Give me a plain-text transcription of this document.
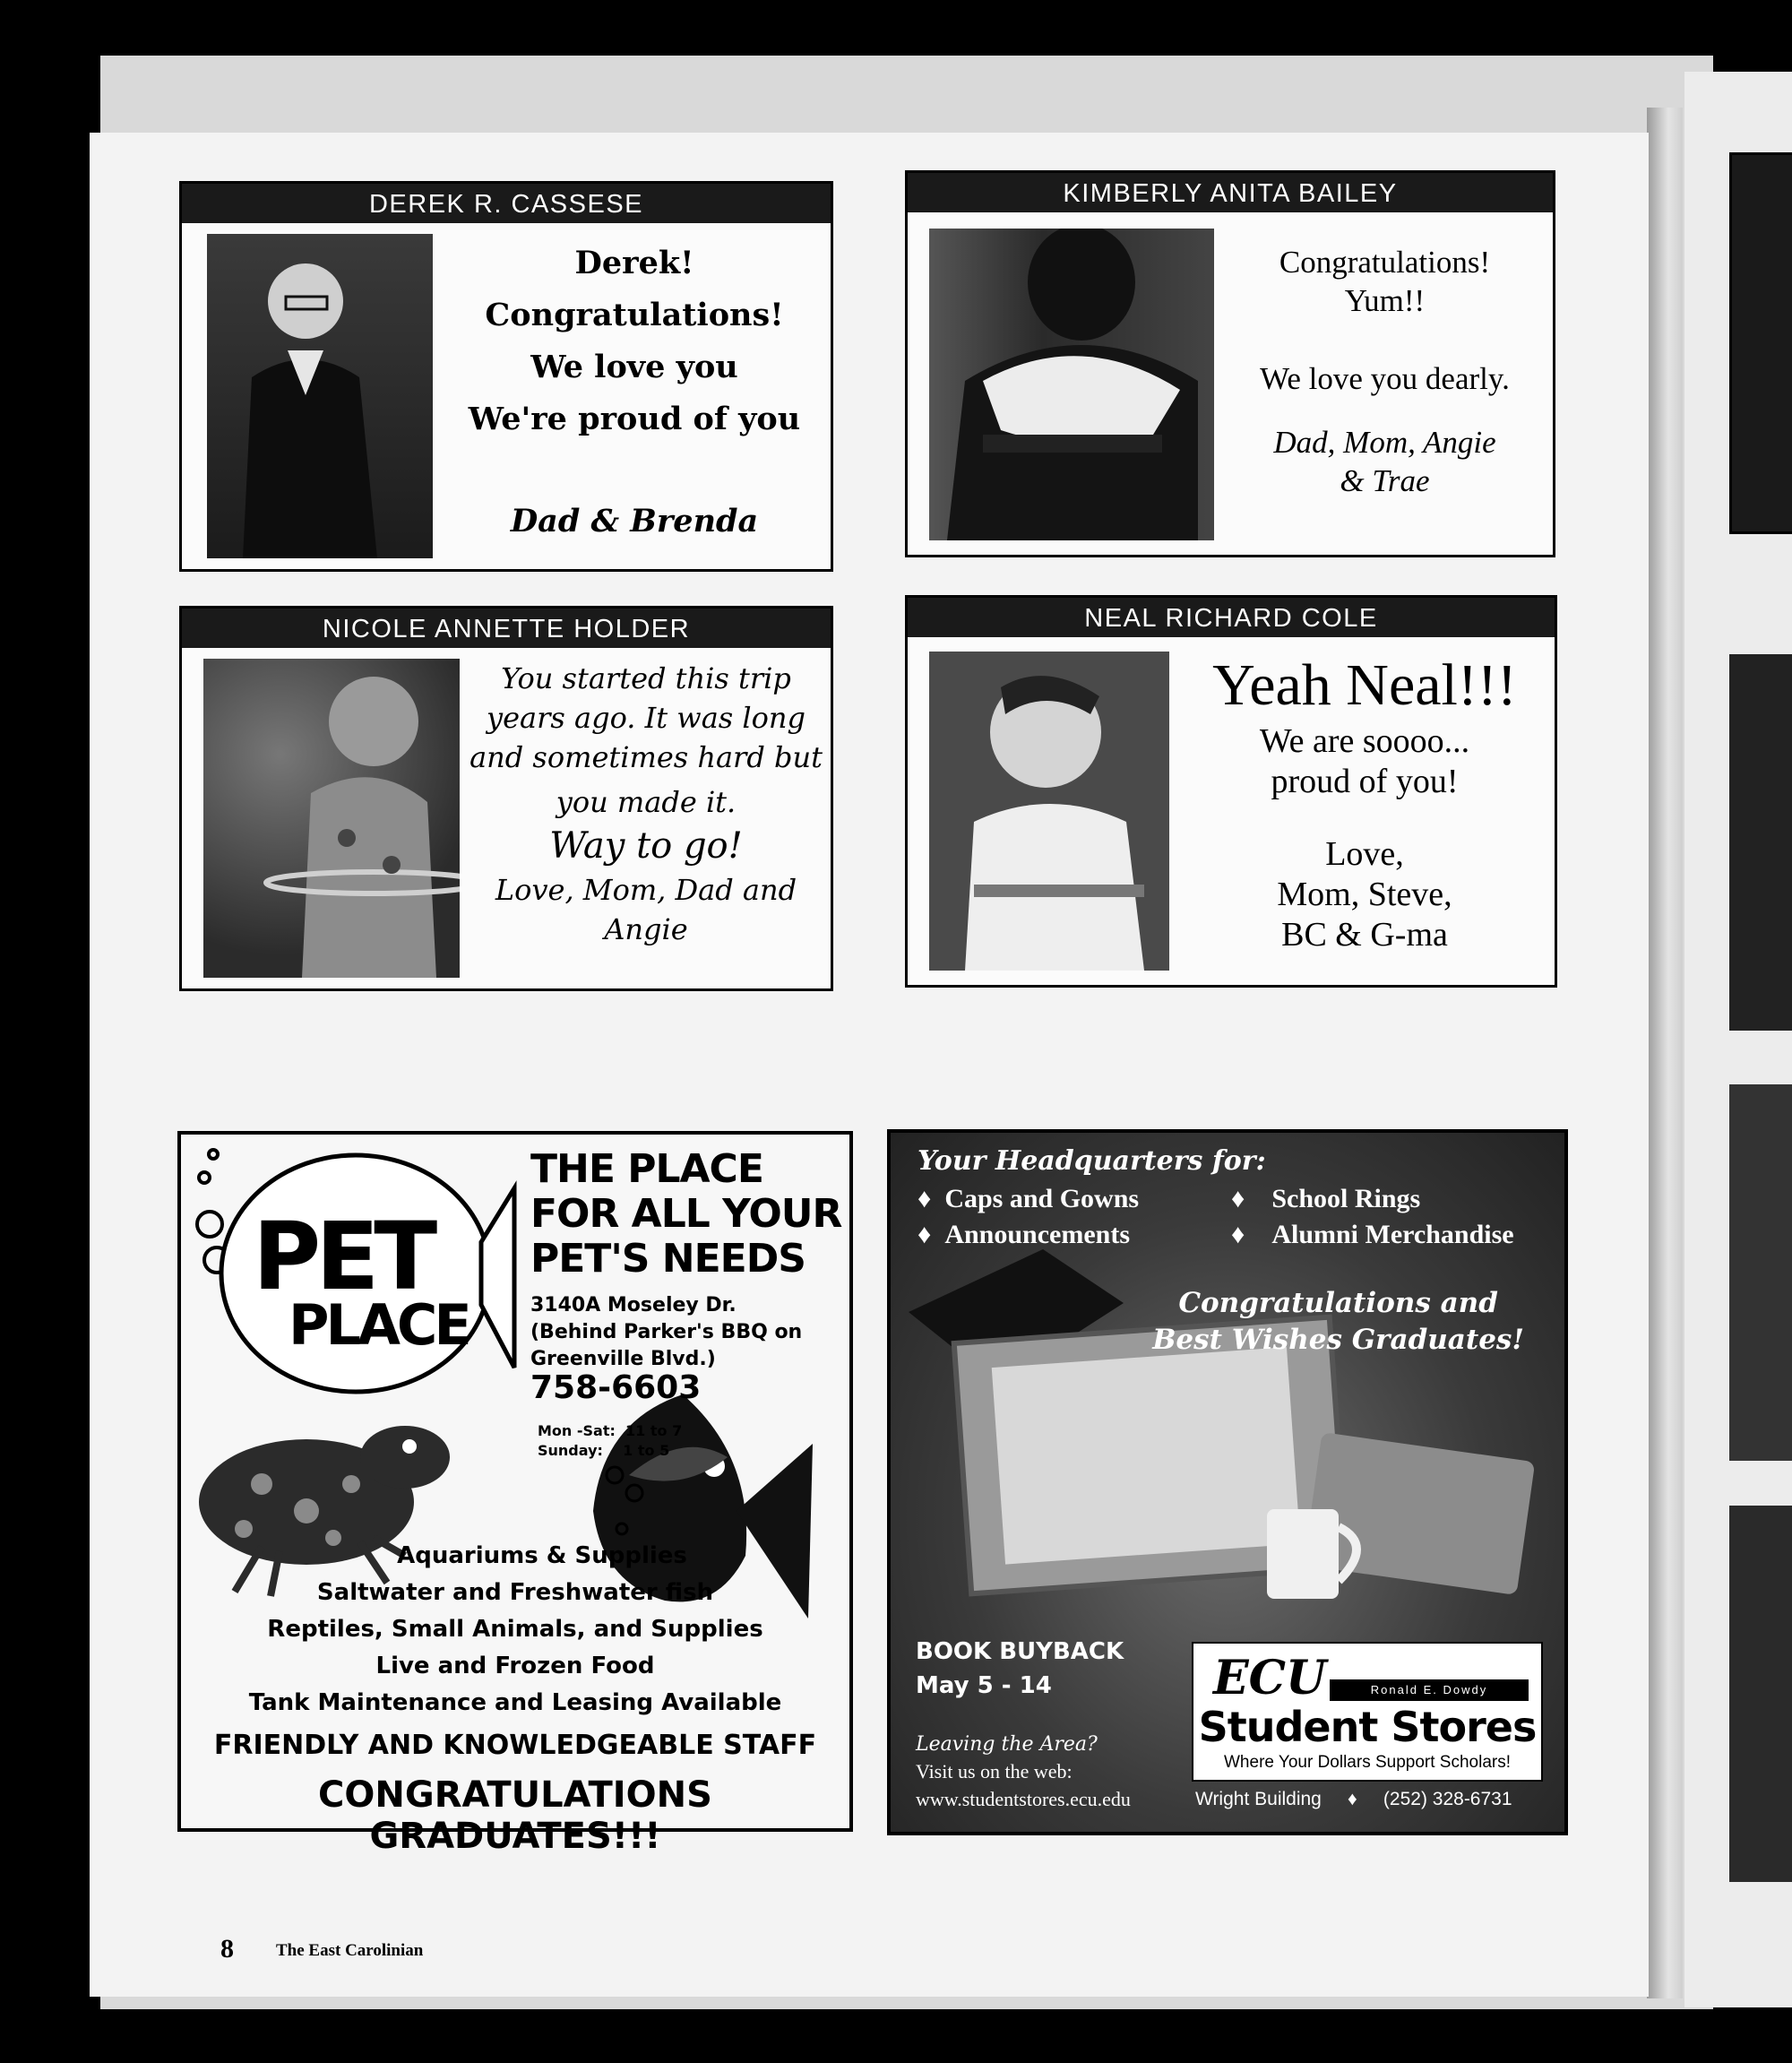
DEREK R. CASSESE

Derek!

Congratulations!

We love you

We're proud of you

Dad & Brenda

KIMBERLY ANITA BAILEY

Congratulations!

Yum!!

We love you dearly.

Dad, Mom, Angie

& Trae

NICOLE ANNETTE HOLDER

You started this trip

years ago. It was long

and sometimes hard but

you made it.

Way to go!

Love, Mom, Dad and

Angie

NEAL RICHARD COLE

Yeah Neal!!!

We are soooo...

proud of you!

Love,

Mom, Steve,

BC & G-ma

PET
PLACE
THE PLACE
FOR ALL YOUR
PET'S NEEDS
3140A Moseley Dr.
(Behind Parker's BBQ on
Greenville Blvd.)
758-6603
Mon -Sat: 11 to 7
Sunday: 1 to 5
Aquariums & Supplies
Saltwater and Freshwater fish
Reptiles, Small Animals, and Supplies
Live and Frozen Food
Tank Maintenance and Leasing Available
FRIENDLY AND KNOWLEDGEABLE STAFF
CONGRATULATIONS GRADUATES!!!
Your Headquarters for:
♦  Caps and Gowns
♦  Announcements
♦    School Rings
♦    Alumni Merchandise
Congratulations and
Best Wishes Graduates!
BOOK BUYBACK
May 5 - 14
Leaving the Area?
Visit us on the web:
www.studentstores.ecu.edu
ECU	Ronald E. Dowdy
Student Stores
Where Your Dollars Support Scholars!
Wright Building     ♦     (252) 328-6731
8 The East Carolinian
